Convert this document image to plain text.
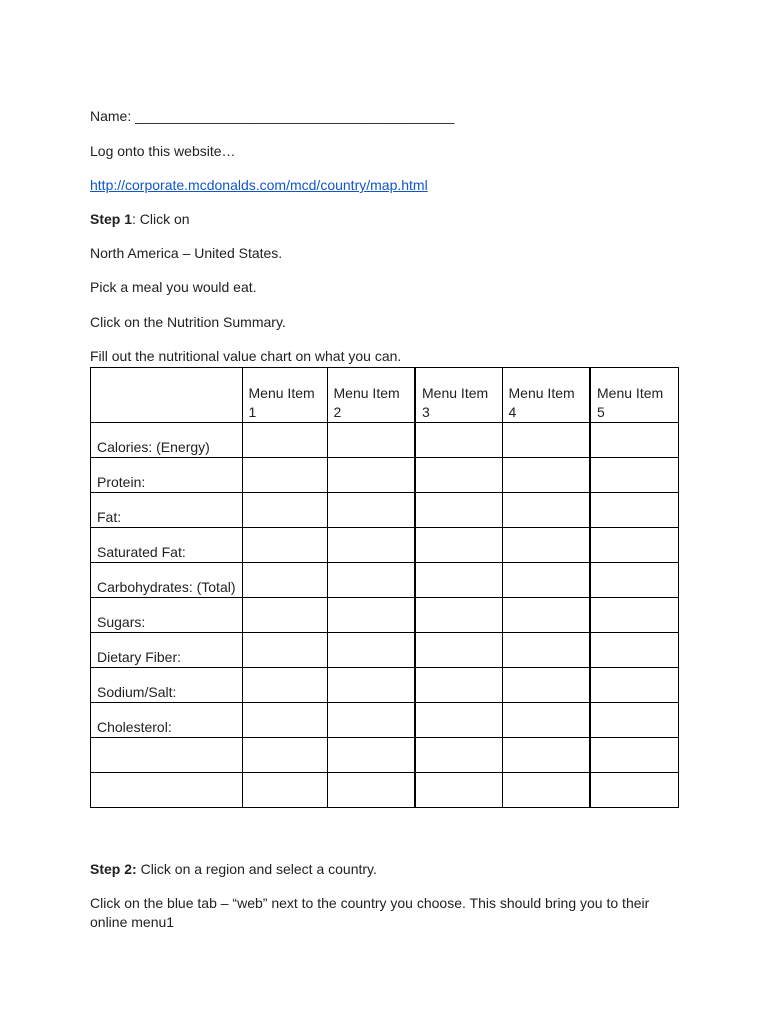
Name: _________________________________________
Log onto this website…
http://corporate.mcdonalds.com/mcd/country/map.html
Step 1: Click on
North America – United States.
Pick a meal you would eat.
Click on the Nutrition Summary.
Fill out the nutritional value chart on what you can.
	Menu Item 1	Menu Item 2	Menu Item 3	Menu Item 4	Menu Item 5
Calories: (Energy)					
Protein:					
Fat:					
Saturated Fat:					
Carbohydrates: (Total)					
Sugars:					
Dietary Fiber:					
Sodium/Salt:					
Cholesterol:					

Step 2: Click on a region and select a country.
Click on the blue tab – “web” next to the country you choose. This should bring you to their online menu1
